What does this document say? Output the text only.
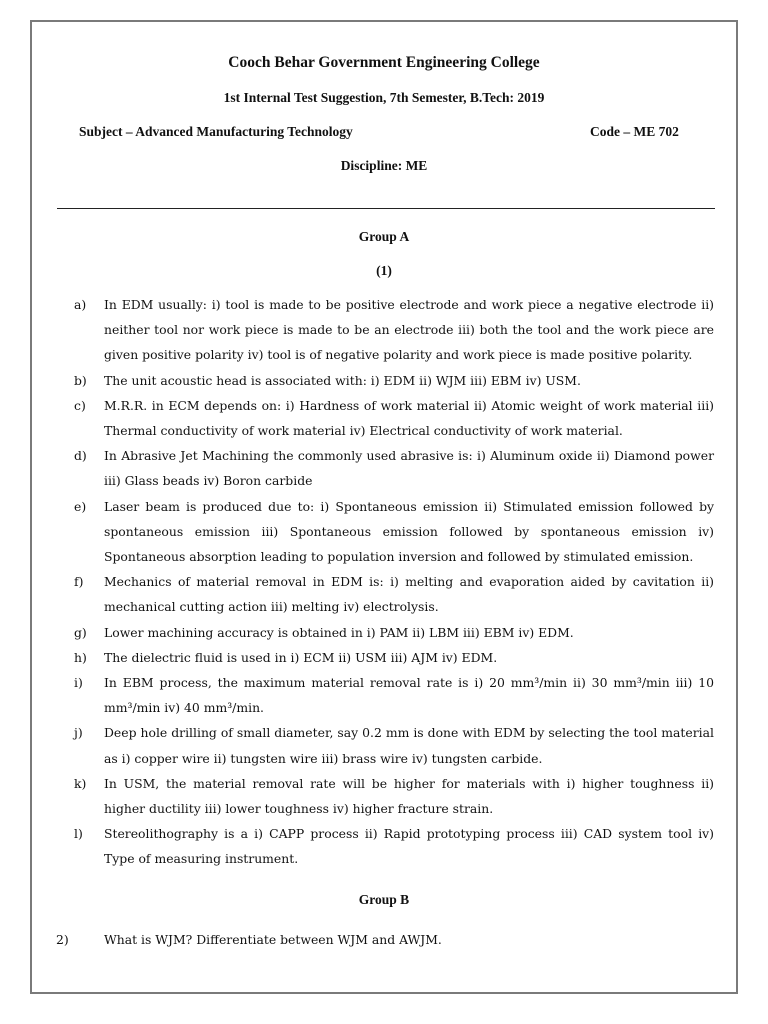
Cooch Behar Government Engineering College
1st Internal Test Suggestion, 7th Semester, B.Tech: 2019
Subject – Advanced Manufacturing Technology	Code – ME 702
Discipline: ME
Group A
(1)
a)	In EDM usually: i) tool is made to be positive electrode and work piece a negative electrode ii) neither tool nor work piece is made to be an electrode iii) both the tool and the work piece are given positive polarity iv) tool is of negative polarity and work piece is made positive polarity.
b)	The unit acoustic head is associated with: i) EDM ii) WJM iii) EBM iv) USM.
c)	M.R.R. in ECM depends on: i) Hardness of work material ii) Atomic weight of work material iii) Thermal conductivity of work material iv) Electrical conductivity of work material.
d)	In Abrasive Jet Machining the commonly used abrasive is: i) Aluminum oxide ii) Diamond power iii) Glass beads iv) Boron carbide
e)	Laser beam is produced due to: i) Spontaneous emission ii) Stimulated emission followed by spontaneous emission iii) Spontaneous emission followed by spontaneous emission iv) Spontaneous absorption leading to population inversion and followed by stimulated emission.
f)	Mechanics of material removal in EDM is: i) melting and evaporation aided by cavitation ii) mechanical cutting action iii) melting iv) electrolysis.
g)	Lower machining accuracy is obtained in i) PAM ii) LBM iii) EBM iv) EDM.
h)	The dielectric fluid is used in i) ECM ii) USM iii) AJM iv) EDM.
i)	In EBM process, the maximum material removal rate is i) 20 mm³/min ii) 30 mm³/min iii) 10 mm³/min iv) 40 mm³/min.
j)	Deep hole drilling of small diameter, say 0.2 mm is done with EDM by selecting the tool material as i) copper wire ii) tungsten wire iii) brass wire iv) tungsten carbide.
k)	In USM, the material removal rate will be higher for materials with i) higher toughness ii) higher ductility iii) lower toughness iv) higher fracture strain.
l)	Stereolithography is a i) CAPP process ii) Rapid prototyping process iii) CAD system tool iv) Type of measuring instrument.
Group B
2)	What is WJM? Differentiate between WJM and AWJM.
